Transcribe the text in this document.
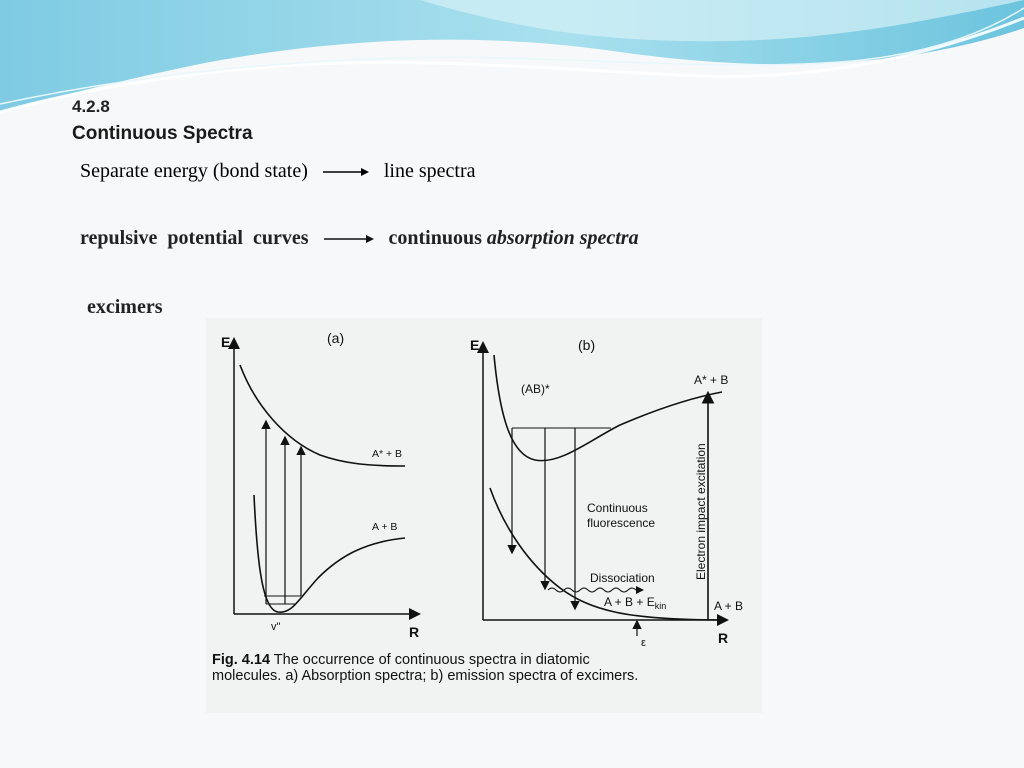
4.2.8
Continuous Spectra
Separate energy (bond state)	line spectra
repulsive  potential  curves	continuous absorption spectra
excimers
E
R
(a)
A* + B
A + B
v"
E
R
(b)
(AB)*
A* + B
Continuous fluorescence
Dissociation
$A + B + E_{kin}$
Electron impact excitation
A + B
ε
Fig. 4.14 The occurrence of continuous spectra in diatomic molecules. a) Absorption spectra; b) emission spectra of excimers.
